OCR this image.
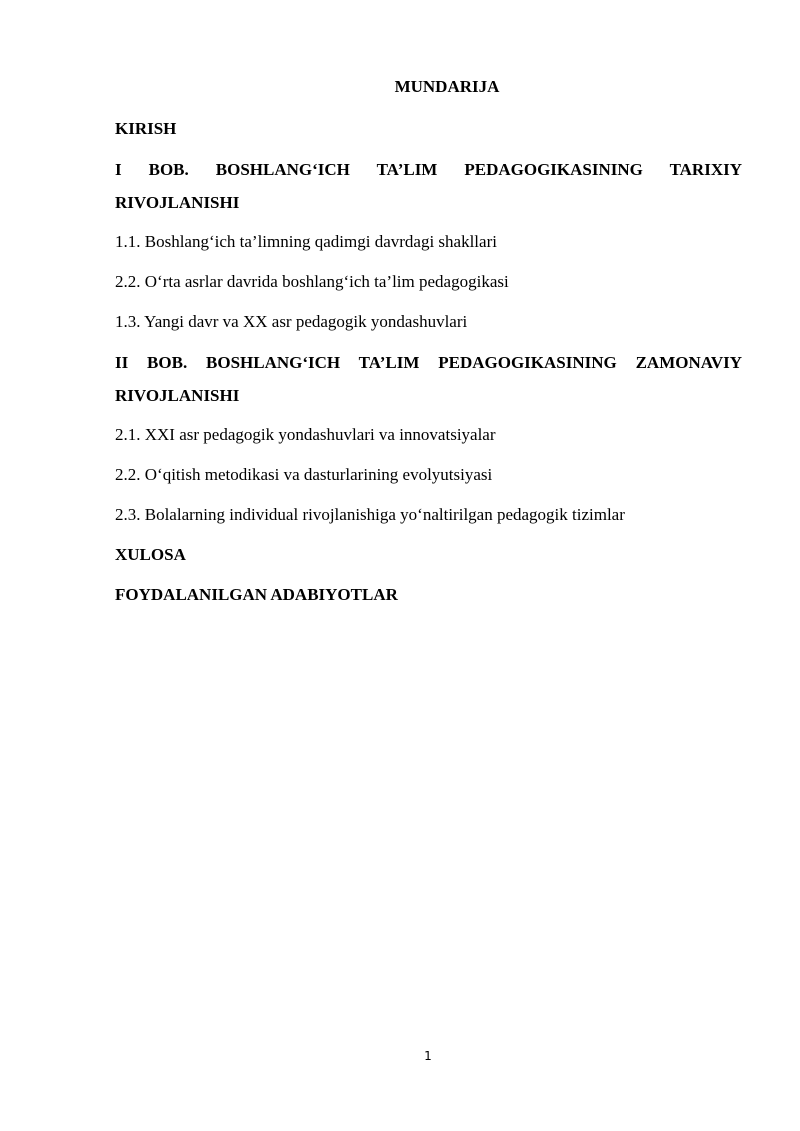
MUNDARIJA

KIRISH

I BOB. BOSHLANG‘ICH TA’LIM PEDAGOGIKASINING TARIXIY RIVOJLANISHI

1.1. Boshlang‘ich ta’limning qadimgi davrdagi shakllari

2.2. O‘rta asrlar davrida boshlang‘ich ta’lim pedagogikasi

1.3. Yangi davr va XX asr pedagogik yondashuvlari

II BOB. BOSHLANG‘ICH TA’LIM PEDAGOGIKASINING ZAMONAVIY RIVOJLANISHI

2.1. XXI asr pedagogik yondashuvlari va innovatsiyalar

2.2. O‘qitish metodikasi va dasturlarining evolyutsiyasi

2.3. Bolalarning individual rivojlanishiga yo‘naltirilgan pedagogik tizimlar

XULOSA

FOYDALANILGAN ADABIYOTLAR

1
